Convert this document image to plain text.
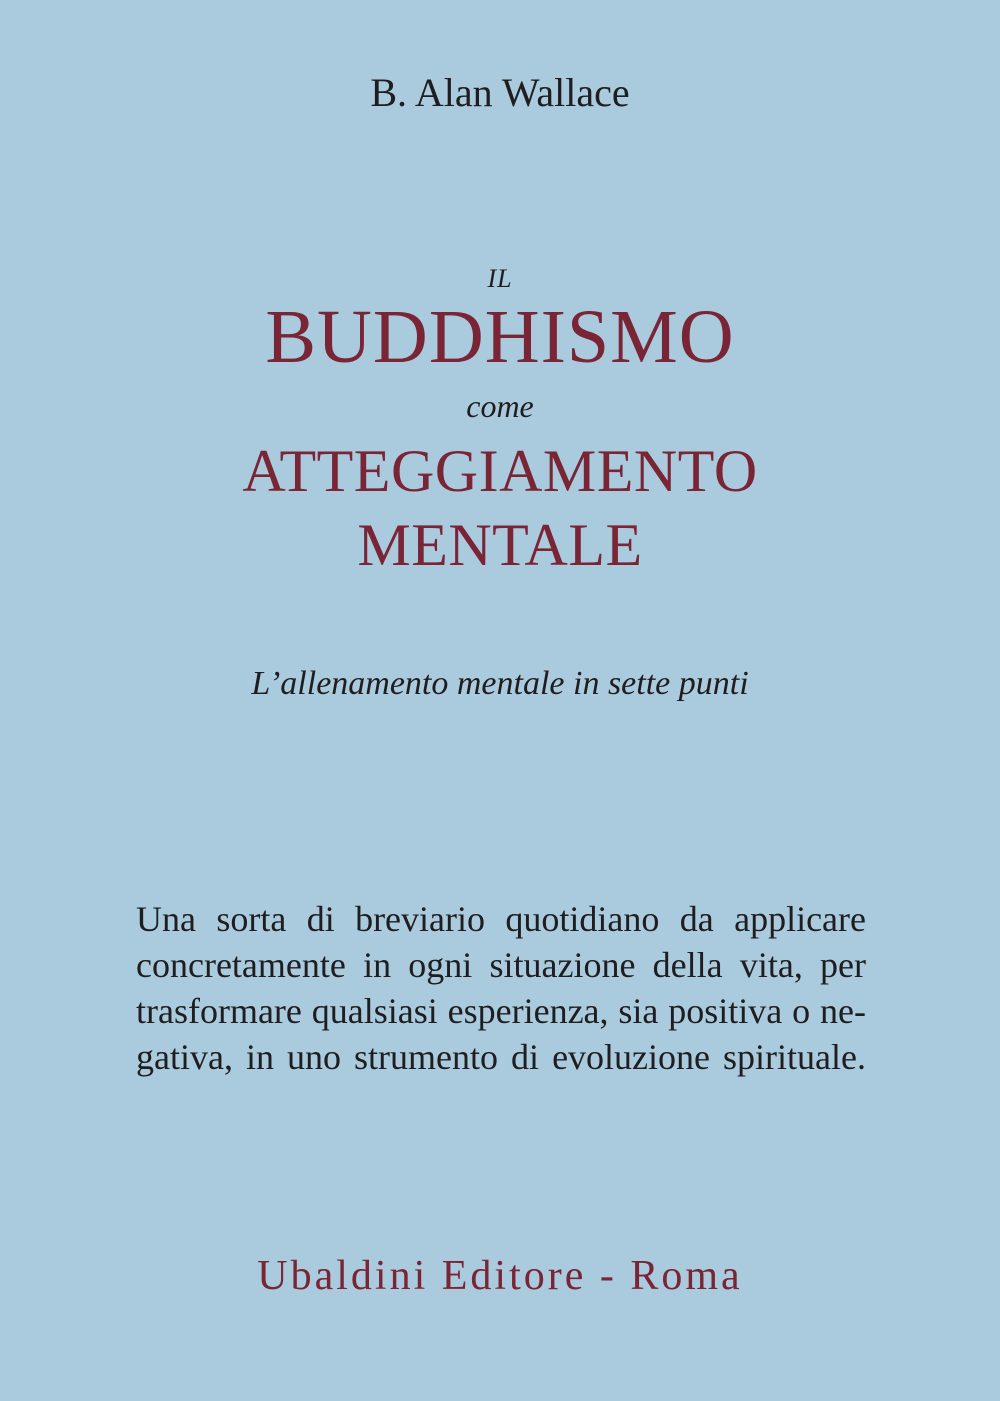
B. Alan Wallace
IL
BUDDHISMO
come
ATTEGGIAMENTO
MENTALE
L’allenamento mentale in sette punti
Una sorta di breviario quotidiano da applicare
concretamente in ogni situazione della vita, per
trasformare qualsiasi esperienza, sia positiva o ne-
gativa, in uno strumento di evoluzione spirituale.
Ubaldini Editore - Roma
